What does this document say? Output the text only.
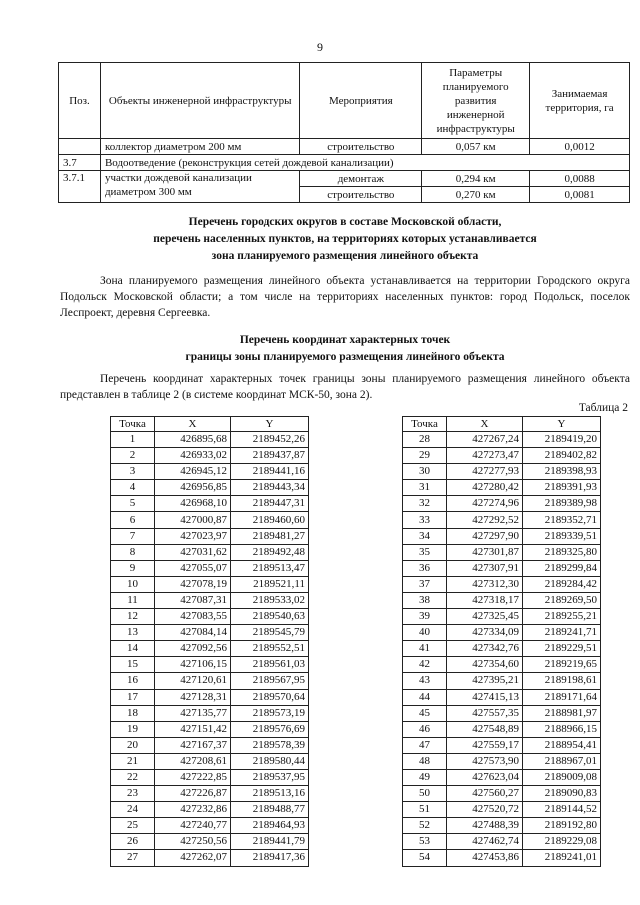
9
Поз.	Объекты инженерной инфраструктуры	Мероприятия	Параметры планируемого развития инженерной инфраструктуры	Занимаемая территория, га
	коллектор диаметром 200 мм	строительство	0,057 км	0,0012
3.7	Водоотведение (реконструкция сетей дождевой канализации)			
3.7.1	участки дождевой канализации диаметром 300 мм	демонтаж	0,294 км	0,0088
		строительство	0,270 км	0,0081
Перечень городских округов в составе Московской области,
перечень населенных пунктов, на территориях которых устанавливается
зона планируемого размещения линейного объекта
Зона планируемого размещения линейного объекта устанавливается на территории Городского округа Подольск Московской области; а том числе на территориях населенных пунктов: город Подольск, поселок Леспроект, деревня Сергеевка.
Перечень координат характерных точек
границы зоны планируемого размещения линейного объекта
Перечень координат характерных точек границы зоны планируемого размещения линейного объекта представлен в таблице 2 (в системе координат МСК-50, зона 2).
Таблица 2
Точка	X	Y
1	426895,68	2189452,26
2	426933,02	2189437,87
3	426945,12	2189441,16
4	426956,85	2189443,34
5	426968,10	2189447,31
6	427000,87	2189460,60
7	427023,97	2189481,27
8	427031,62	2189492,48
9	427055,07	2189513,47
10	427078,19	2189521,11
11	427087,31	2189533,02
12	427083,55	2189540,63
13	427084,14	2189545,79
14	427092,56	2189552,51
15	427106,15	2189561,03
16	427120,61	2189567,95
17	427128,31	2189570,64
18	427135,77	2189573,19
19	427151,42	2189576,69
20	427167,37	2189578,39
21	427208,61	2189580,44
22	427222,85	2189537,95
23	427226,87	2189513,16
24	427232,86	2189488,77
25	427240,77	2189464,93
26	427250,56	2189441,79
27	427262,07	2189417,36
Точка	X	Y
28	427267,24	2189419,20
29	427273,47	2189402,82
30	427277,93	2189398,93
31	427280,42	2189391,93
32	427274,96	2189389,98
33	427292,52	2189352,71
34	427297,90	2189339,51
35	427301,87	2189325,80
36	427307,91	2189299,84
37	427312,30	2189284,42
38	427318,17	2189269,50
39	427325,45	2189255,21
40	427334,09	2189241,71
41	427342,76	2189229,51
42	427354,60	2189219,65
43	427395,21	2189198,61
44	427415,13	2189171,64
45	427557,35	2188981,97
46	427548,89	2188966,15
47	427559,17	2188954,41
48	427573,90	2188967,01
49	427623,04	2189009,08
50	427560,27	2189090,83
51	427520,72	2189144,52
52	427488,39	2189192,80
53	427462,74	2189229,08
54	427453,86	2189241,01
